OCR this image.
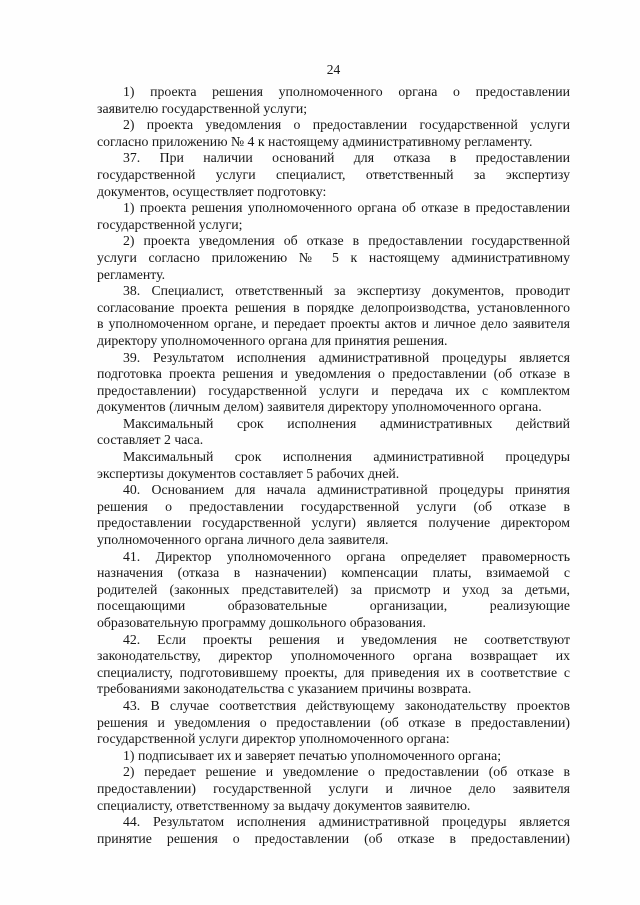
24
1) проекта решения уполномоченного органа о предоставлении
заявителю государственной услуги;
2) проекта уведомления о предоставлении государственной услуги
согласно приложению № 4 к настоящему административному регламенту.
37. При наличии оснований для отказа в предоставлении
государственной услуги специалист, ответственный за экспертизу
документов, осуществляет подготовку:
1) проекта решения уполномоченного органа об отказе в предоставлении
государственной услуги;
2) проекта уведомления об отказе в предоставлении государственной
услуги согласно приложению № 5 к настоящему административному
регламенту.
38. Специалист, ответственный за экспертизу документов, проводит
согласование проекта решения в порядке делопроизводства, установленного
в уполномоченном органе, и передает проекты актов и личное дело заявителя
директору уполномоченного органа для принятия решения.
39. Результатом исполнения административной процедуры является
подготовка проекта решения и уведомления о предоставлении (об отказе в
предоставлении) государственной услуги и передача их с комплектом
документов (личным делом) заявителя директору уполномоченного органа.
Максимальный срок исполнения административных действий
составляет 2 часа.
Максимальный срок исполнения административной процедуры
экспертизы документов составляет 5 рабочих дней.
40. Основанием для начала административной процедуры принятия
решения о предоставлении государственной услуги (об отказе в
предоставлении государственной услуги) является получение директором
уполномоченного органа личного дела заявителя.
41. Директор уполномоченного органа определяет правомерность
назначения (отказа в назначении) компенсации платы, взимаемой с
родителей (законных представителей) за присмотр и уход за детьми,
посещающими образовательные организации, реализующие
образовательную программу дошкольного образования.
42. Если проекты решения и уведомления не соответствуют
законодательству, директор уполномоченного органа возвращает их
специалисту, подготовившему проекты, для приведения их в соответствие с
требованиями законодательства с указанием причины возврата.
43. В случае соответствия действующему законодательству проектов
решения и уведомления о предоставлении (об отказе в предоставлении)
государственной услуги директор уполномоченного органа:
1) подписывает их и заверяет печатью уполномоченного органа;
2) передает решение и уведомление о предоставлении (об отказе в
предоставлении) государственной услуги и личное дело заявителя
специалисту, ответственному за выдачу документов заявителю.
44. Результатом исполнения административной процедуры является
принятие решения о предоставлении (об отказе в предоставлении)
